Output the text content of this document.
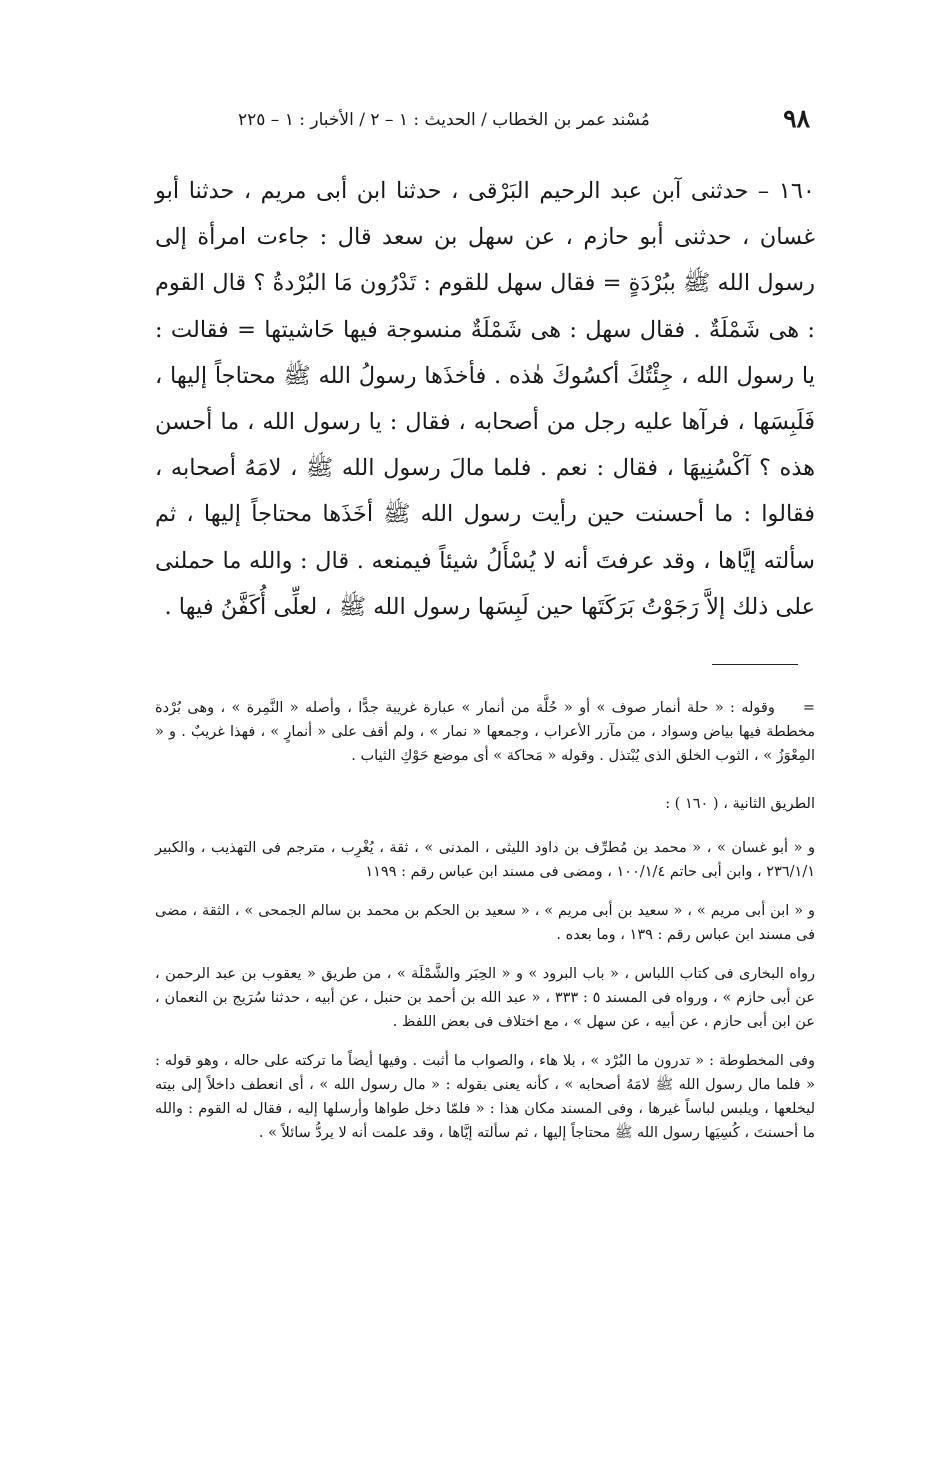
٩٨
مُسْند عمر بن الخطاب / الحديث : ١ – ٢ / الأخبار : ١ – ٢٢٥

١٦٠ – حدثنى آبن عبد الرحيم البَرْقى ، حدثنا ابن أبى مريم ، حدثنا أبو غسان ، حدثنى أبو حازم ، عن سهل بن سعد قال : جاءت امرأة إلى رسول الله ﷺ ببُرْدَةٍ = فقال سهل للقوم : تَدْرُون مَا البُرْدةُ ؟ قال القوم : هى شَمْلَةٌ . فقال سهل : هى شَمْلَةٌ منسوجة فيها حَاشيتها = فقالت : يا رسول الله ، جِئْتُكَ أكسُوكَ هٰذه . فأخذَها رسولُ الله ﷺ محتاجاً إليها ، فَلَبِسَها ، فرآها عليه رجل من أصحابه ، فقال : يا رسول الله ، ما أحسن هذه ؟ آكْسُنِيهَا ، فقال : نعم . فلما مالَ رسول الله ﷺ ، لامَهُ أصحابه ، فقالوا : ما أحسنت حين رأيت رسول الله ﷺ أخَذَها محتاجاً إليها ، ثم سألته إيَّاها ، وقد عرفتَ أنه لا يُسْأَلُ شيئاً فيمنعه . قال : والله ما حملنى على ذلك إلاَّ رَجَوْتُ بَرَكَتَها حين لَبِسَها رسول الله ﷺ ، لعلِّى أُكَفَّنُ فيها .

=وقوله : « حلة أنمار صوف » أو « حُلَّة من أنمار » عبارة غريبة جدًّا ، وأصله « النَّمِرة » ، وهى بُرْدة مخططة فيها بياض وسواد ، من مآزر الأعراب ، وجمعها « نمار » ، ولم أقف على « أنمارٍ » ، فهذا غريبٌ . و « المِعْوَزُ » ، الثوب الخلق الذى يُبْتذل . وقوله « مَحاكة » أى موضع حَوْكِ الثياب .

الطريق الثانية ، ( ١٦٠ ) :

و « أبو غسان » ، « محمد بن مُطرِّف بن داود الليثى ، المدنى » ، ثقة ، يُغْرِب ، مترجم فى التهذيب ، والكبير ٢٣٦/١/١ ، وابن أبى حاتم ١٠٠/١/٤ ، ومضى فى مسند ابن عباس رقم : ١١٩٩

و « ابن أبى مريم » ، « سعيد بن أبى مريم » ، « سعيد بن الحكم بن محمد بن سالم الجمحى » ، الثقة ، مضى فى مسند ابن عباس رقم : ١٣٩ ، وما بعده .

رواه البخارى فى كتاب اللباس ، « باب البرود » و « الحِبَر والشَّمْلَة » ، من طريق « يعقوب بن عبد الرحمن ، عن أبى حازم » ، ورواه فى المسند ٥ : ٣٣٣ ، « عبد الله بن أحمد بن حنبل ، عن أبيه ، حدثنا سُرَيج بن النعمان ، عن ابن أبى حازم ، عن أبيه ، عن سهل » ، مع اختلاف فى بعض اللفظ .

وفى المخطوطة : « تدرون ما البُرْد » ، بلا هاء ، والصواب ما أثبت . وفيها أيضاً ما تركته على حاله ، وهو قوله : « فلما مال رسول الله ﷺ لامَهُ أصحابه » ، كأنه يعنى بقوله : « مال رسول الله » ، أى انعطف داخلاً إلى بيته ليخلعها ، ويلبس لباساً غيرها ، وفى المسند مكان هذا : « فلمّا دخل طواها وأرسلها إليه ، فقال له القوم : والله ما أحسنتَ ، كُسِيَها رسول الله ﷺ محتاجاً إليها ، ثم سألته إيَّاها ، وقد علمت أنه لا يردُّ سائلاً » .
